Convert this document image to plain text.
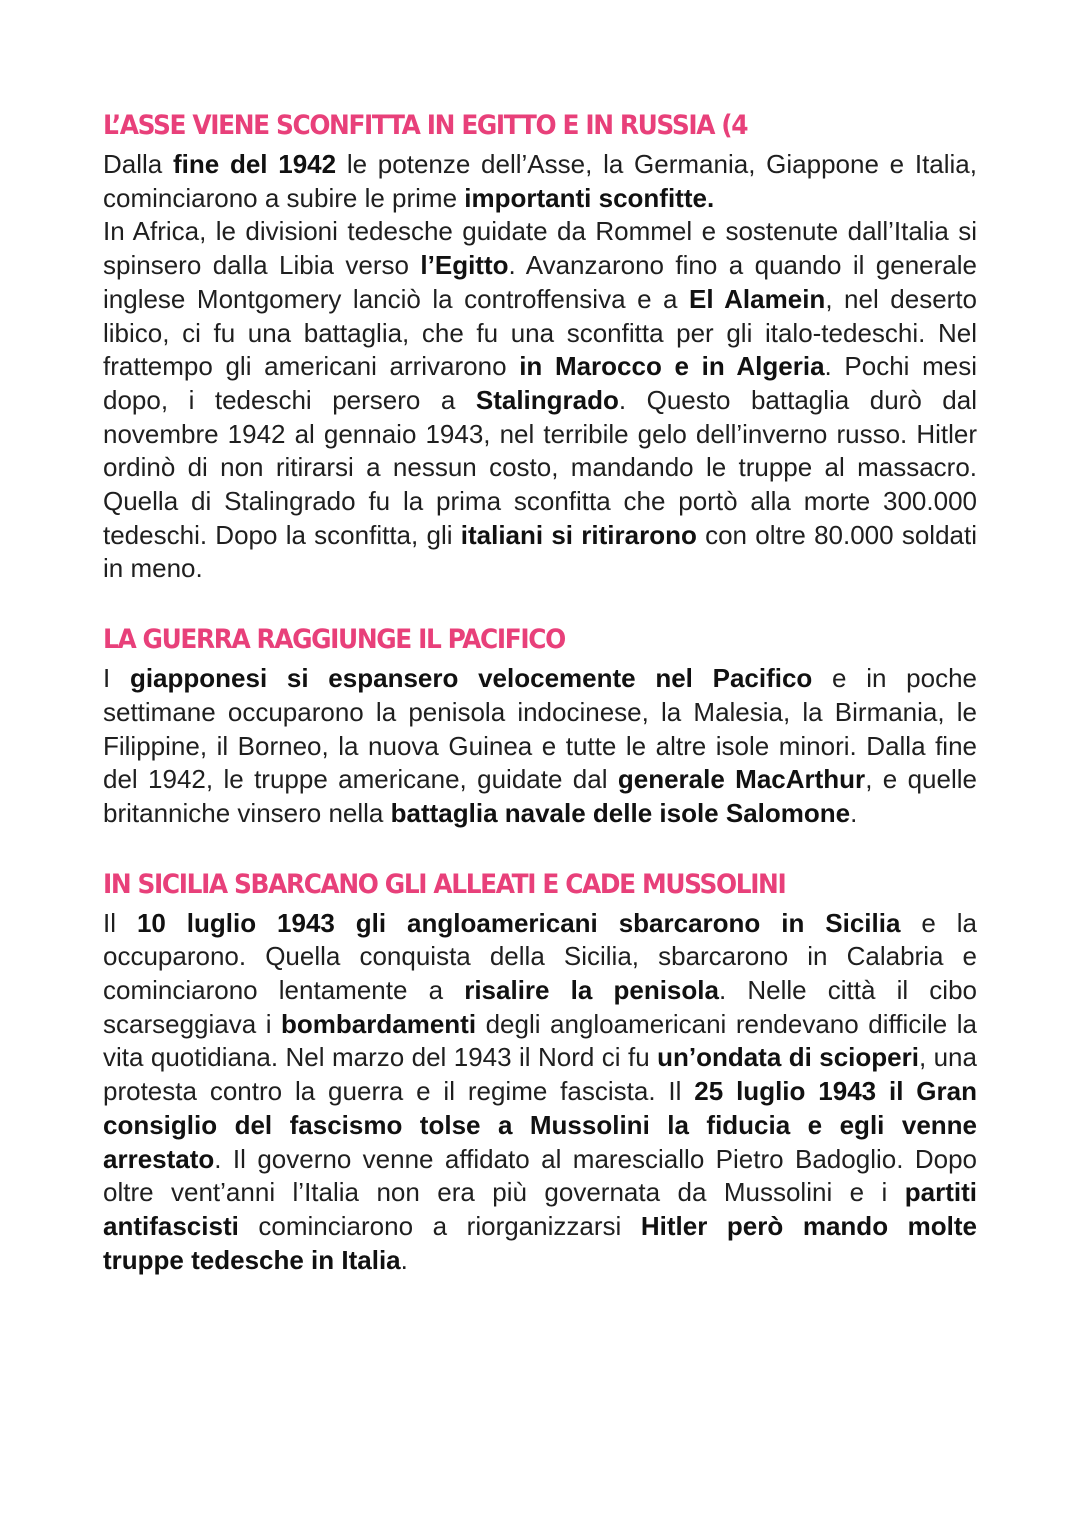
L’ASSE VIENE SCONFITTA IN EGITTO E IN RUSSIA (4

Dalla fine del 1942 le potenze dell’Asse, la Germania, Giappone e Italia, cominciarono a subire le prime importanti sconfitte.
In Africa, le divisioni tedesche guidate da Rommel e sostenute dall’Italia si spinsero dalla Libia verso l’Egitto. Avanzarono fino a quando il generale inglese Montgomery lanciò la controffensiva e a El Alamein, nel deserto libico, ci fu una battaglia, che fu una sconfitta per gli italo-tedeschi. Nel frattempo gli americani arrivarono in Marocco e in Algeria. Pochi mesi dopo, i tedeschi persero a Stalingrado. Questo battaglia durò dal novembre 1942 al gennaio 1943, nel terribile gelo dell’inverno russo. Hitler ordinò di non ritirarsi a nessun costo, mandando le truppe al massacro. Quella di Stalingrado fu la prima sconfitta che portò alla morte 300.000 tedeschi. Dopo la sconfitta, gli italiani si ritirarono con oltre 80.000 soldati in meno.

LA GUERRA RAGGIUNGE IL PACIFICO

I giapponesi si espansero velocemente nel Pacifico e in poche settimane occuparono la penisola indocinese, la Malesia, la Birmania, le Filippine, il Borneo, la nuova Guinea e tutte le altre isole minori. Dalla fine del 1942, le truppe americane, guidate dal generale MacArthur, e quelle britanniche vinsero nella battaglia navale delle isole Salomone.

IN SICILIA SBARCANO GLI ALLEATI E CADE MUSSOLINI

Il 10 luglio 1943 gli angloamericani sbarcarono in Sicilia e la occuparono. Quella conquista della Sicilia, sbarcarono in Calabria e cominciarono lentamente a risalire la penisola. Nelle città il cibo scarseggiava i bombardamenti degli angloamericani rendevano difficile la vita quotidiana. Nel marzo del 1943 il Nord ci fu un’ondata di scioperi, una protesta contro la guerra e il regime fascista. Il 25 luglio 1943 il Gran consiglio del fascismo tolse a Mussolini la fiducia e egli venne arrestato. Il governo venne affidato al maresciallo Pietro Badoglio. Dopo oltre vent’anni l’Italia non era più governata da Mussolini e i partiti antifascisti cominciarono a riorganizzarsi Hitler però mando molte truppe tedesche in Italia.
